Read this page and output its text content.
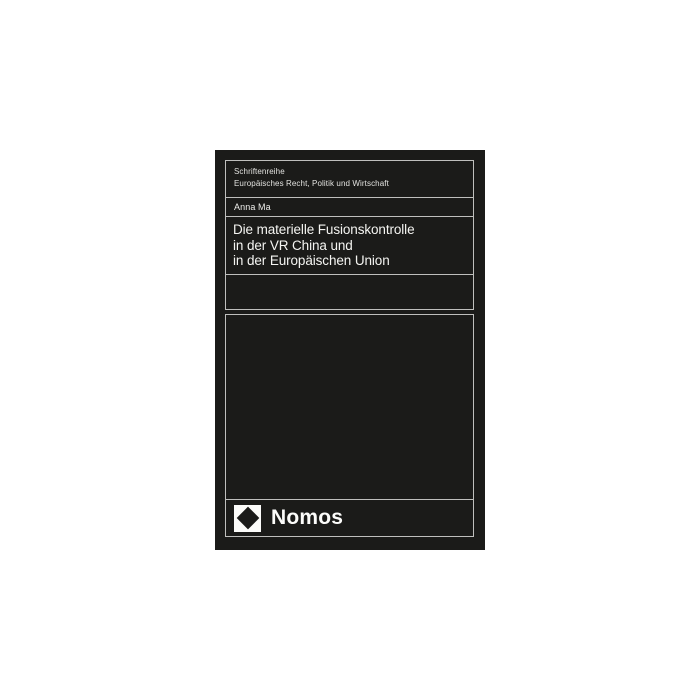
Schriftenreihe
Europäisches Recht, Politik und Wirtschaft
Anna Ma
Die materielle Fusionskontrolle
in der VR China und
in der Europäischen Union
Nomos
